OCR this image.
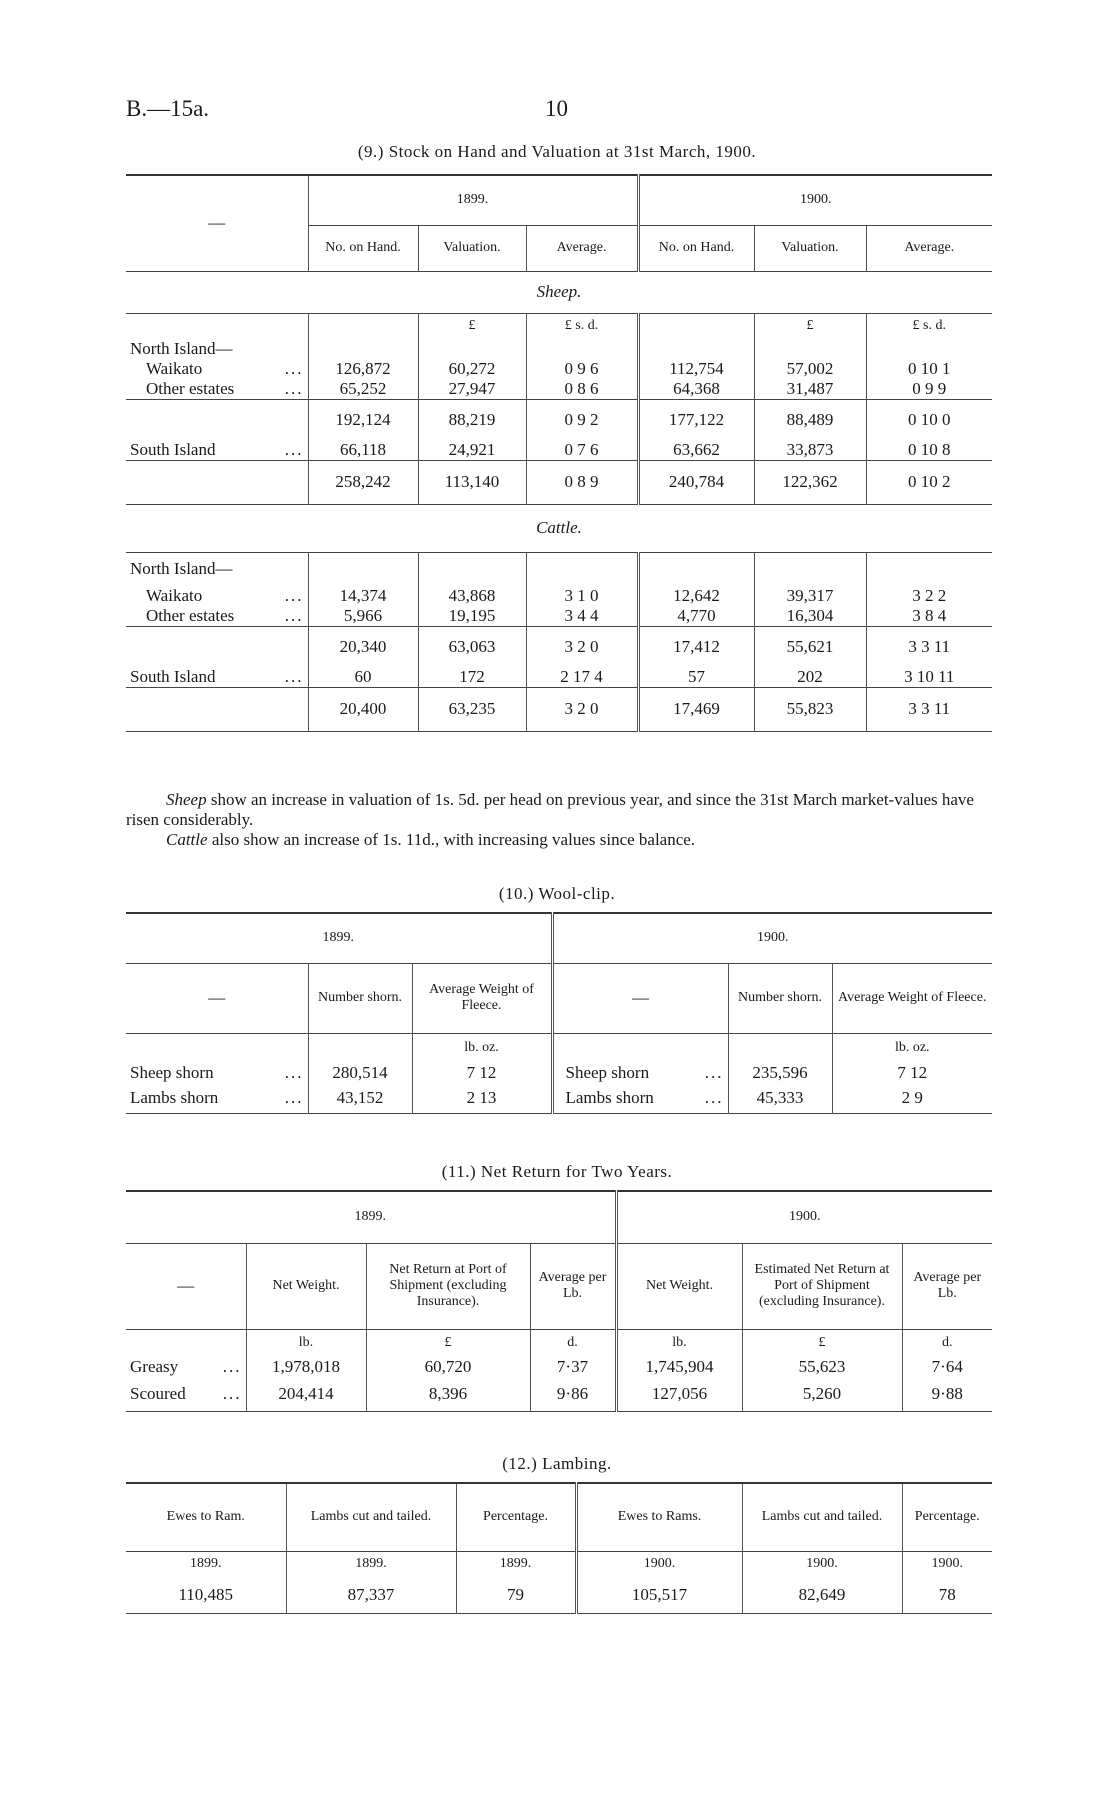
B.—15a.	10
(9.) Stock on Hand and Valuation at 31st March, 1900.
—	1899.			1900.		
	No. on Hand.	Valuation.	Average.	No. on Hand.	Valuation.	Average.
Sheep.						
		£	£ s. d.		£	£ s. d.
North Island—						
Waikato ...	126,872	60,272	0 9 6	112,754	57,002	0 10 1
Other estates ...	65,252	27,947	0 8 6	64,368	31,487	0 9 9
	192,124	88,219	0 9 2	177,122	88,489	0 10 0
South Island ...	66,118	24,921	0 7 6	63,662	33,873	0 10 8
	258,242	113,140	0 8 9	240,784	122,362	0 10 2
Cattle.						
North Island—						
Waikato ...	14,374	43,868	3 1 0	12,642	39,317	3 2 2
Other estates ...	5,966	19,195	3 4 4	4,770	16,304	3 8 4
	20,340	63,063	3 2 0	17,412	55,621	3 3 11
South Island ...	60	172	2 17 4	57	202	3 10 11
	20,400	63,235	3 2 0	17,469	55,823	3 3 11
Sheep show an increase in valuation of 1s. 5d. per head on previous year, and since the 31st March market-values have risen considerably.
Cattle also show an increase of 1s. 11d., with increasing values since balance.
(10.) Wool-clip.
1899.			1900.		
—	Number shorn.	Average Weight of Fleece.	—	Number shorn.	Average Weight of Fleece.
		lb. oz.			lb. oz.
Sheep shorn ...	280,514	7 12	Sheep shorn ...	235,596	7 12
Lambs shorn ...	43,152	2 13	Lambs shorn ...	45,333	2 9
(11.) Net Return for Two Years.
1899.				1900.		
—	Net Weight.	Net Return at Port of Shipment (excluding Insurance).	Average per Lb.	Net Weight.	Estimated Net Return at Port of Shipment (excluding Insurance).	Average per Lb.
	lb.	£	d.	lb.	£	d.
Greasy ...	1,978,018	60,720	7·37	1,745,904	55,623	7·64
Scoured ...	204,414	8,396	9·86	127,056	5,260	9·88
(12.) Lambing.
Ewes to Ram.	Lambs cut and tailed.	Percentage.	Ewes to Rams.	Lambs cut and tailed.	Percentage.
1899.	1899.	1899.	1900.	1900.	1900.
110,485	87,337	79	105,517	82,649	78
